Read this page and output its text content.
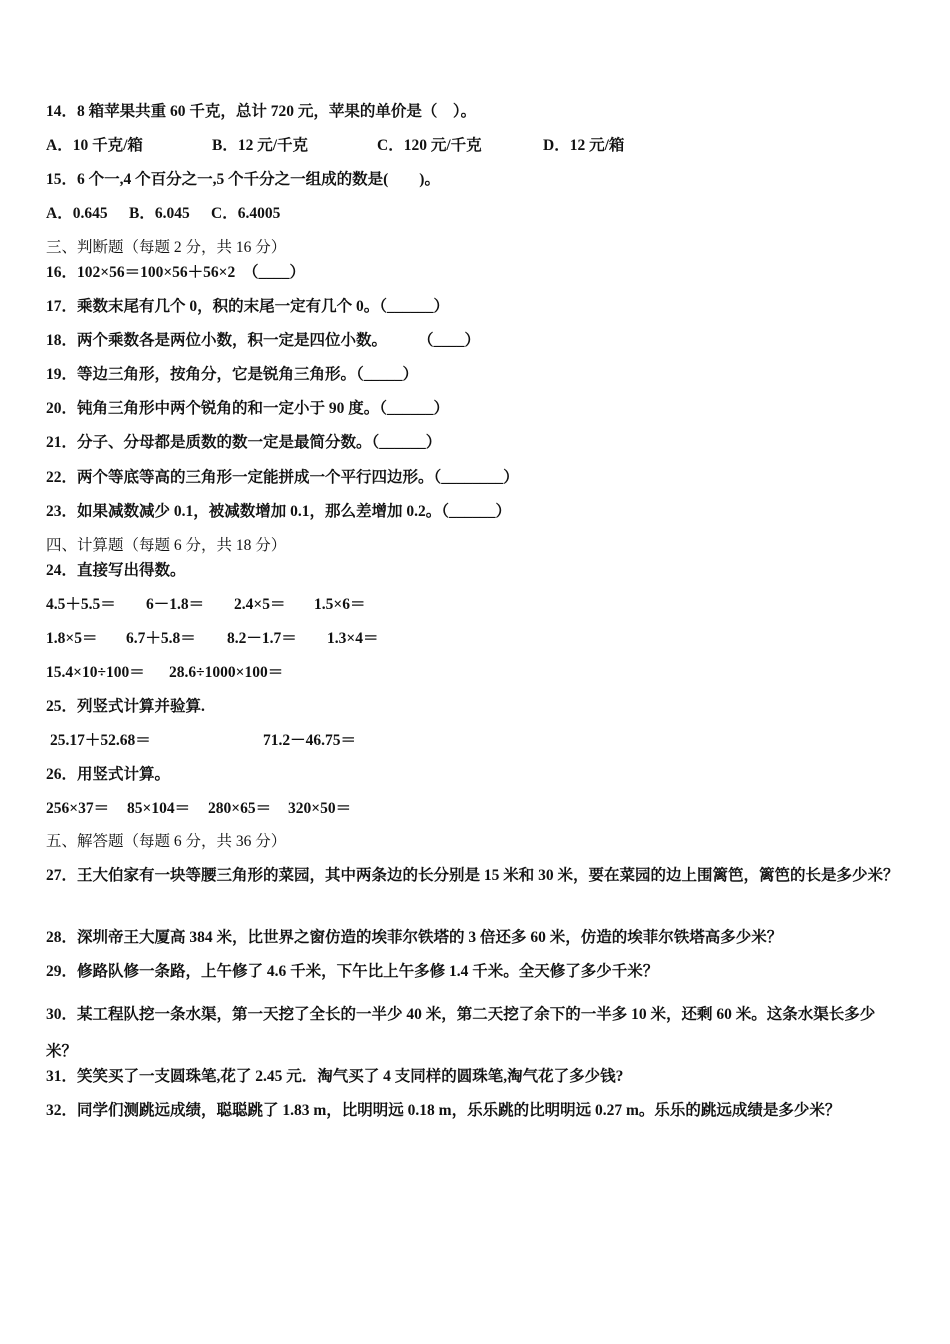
14．8 箱苹果共重 60 千克，总计 720 元，苹果的单价是（　）。
A．10 千克/箱	B．12 元/千克	C．120 元/千克	D．12 元/箱
15．6 个一,4 个百分之一,5 个千分之一组成的数是(　　)。
A．0.645 B．6.045 C．6.4005
三、判断题（每题 2 分，共 16 分）
16．102×56＝100×56＋56×2　（____）
17．乘数末尾有几个 0，积的末尾一定有几个 0。（______）
18．两个乘数各是两位小数，积一定是四位小数。　　　（____）
19．等边三角形，按角分，它是锐角三角形。（_____）
20．钝角三角形中两个锐角的和一定小于 90 度。（______）
21．分子、分母都是质数的数一定是最简分数。（______）
22．两个等底等高的三角形一定能拼成一个平行四边形。（________）
23．如果减数减少 0.1，被减数增加 0.1，那么差增加 0.2。（______）
四、计算题（每题 6 分，共 18 分）
24．直接写出得数。
4.5＋5.5＝ 6－1.8＝ 2.4×5＝ 1.5×6＝
1.8×5＝ 6.7＋5.8＝ 8.2－1.7＝ 1.3×4＝
15.4×10÷100＝ 28.6÷1000×100＝
25．列竖式计算并验算.
25.17＋52.68＝	71.2－46.75＝
26．用竖式计算。
256×37＝ 85×104＝ 280×65＝ 320×50＝
五、解答题（每题 6 分，共 36 分）
27．王大伯家有一块等腰三角形的菜园，其中两条边的长分别是 15 米和 30 米，要在菜园的边上围篱笆，篱笆的长是多少米？
28．深圳帝王大厦高 384 米，比世界之窗仿造的埃菲尔铁塔的 3 倍还多 60 米，仿造的埃菲尔铁塔高多少米？
29．修路队修一条路，上午修了 4.6 千米，下午比上午多修 1.4 千米。全天修了多少千米？
30．某工程队挖一条水渠，第一天挖了全长的一半少 40 米，第二天挖了余下的一半多 10 米，还剩 60 米。这条水渠长多少米？
31．笑笑买了一支圆珠笔,花了 2.45 元．淘气买了 4 支同样的圆珠笔,淘气花了多少钱?
32．同学们测跳远成绩，聪聪跳了 1.83 m，比明明远 0.18 m，乐乐跳的比明明远 0.27 m。乐乐的跳远成绩是多少米？
